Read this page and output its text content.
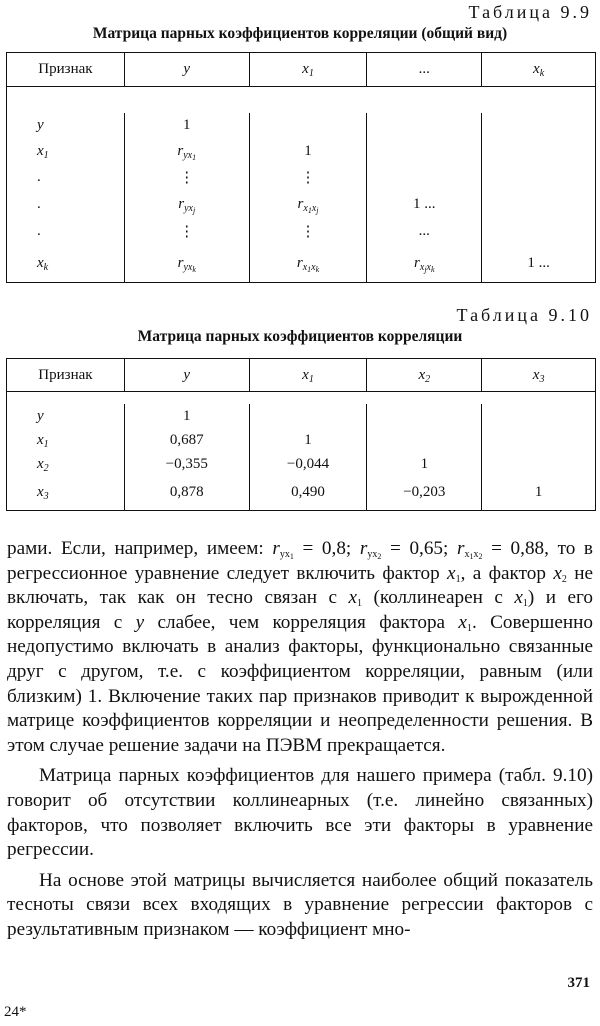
Таблица 9.9
Матрица парных коэффициентов корреляции (общий вид)
Признак	y	$x_1$	...	$x_k$

y	1			
$x_1$	$r_{yx_1}$	1		
.	⋮	⋮		
.	$r_{yx_j}$	$r_{x_1x_j}$	1 ...	
.	⋮	⋮	...	
$x_k$	$r_{yx_k}$	$r_{x_1x_k}$	$r_{x_jx_k}$	1 ...
Таблица 9.10
Матрица парных коэффициентов корреляции
Признак	y	$x_1$	$x_2$	$x_3$

y	1			
$x_1$	0,687	1		
$x_2$	−0,355	−0,044	1	
$x_3$	0,878	0,490	−0,203	1

рами. Если, например, имеем: $r_{yx_1} = 0,8$; $r_{yx_2} = 0,65$; $r_{x_1x_2} = 0,88$, то в регрессионное уравнение следует включить фактор $x_1$, а фактор $x_2$ не включать, так как он тесно связан с $x_1$ (коллинеарен с $x_1$) и его корреляция с y слабее, чем корреляция фактора $x_1$. Совершенно недопустимо включать в анализ факторы, функционально связанные друг с другом, т.е. с коэффициентом корреляции, равным (или близким) 1. Включение таких пар признаков приводит к вырожденной матрице коэффициентов корреляции и неопределенности решения. В этом случае решение задачи на ПЭВМ прекращается.

Матрица парных коэффициентов для нашего примера (табл. 9.10) говорит об отсутствии коллинеарных (т.е. линейно связанных) факторов, что позволяет включить все эти факторы в уравнение регрессии.

На основе этой матрицы вычисляется наиболее общий показатель тесноты связи всех входящих в уравнение регрессии факторов с результативным признаком — коэффициент мно-

371
24*
